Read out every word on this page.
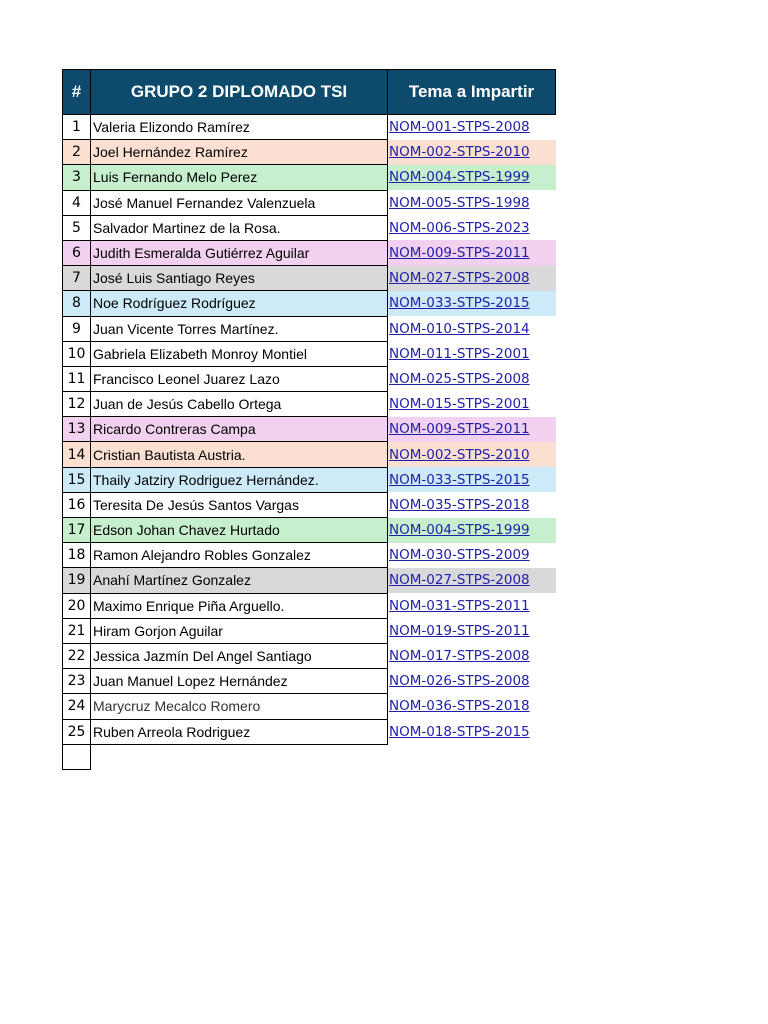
#	GRUPO 2 DIPLOMADO TSI	Tema a Impartir
1	Valeria Elizondo Ramírez	NOM-001-STPS-2008
2	Joel Hernández Ramírez	NOM-002-STPS-2010
3	Luis Fernando Melo Perez	NOM-004-STPS-1999
4	José Manuel Fernandez Valenzuela	NOM-005-STPS-1998
5	Salvador Martinez de la Rosa.	NOM-006-STPS-2023
6	Judith Esmeralda Gutiérrez Aguilar	NOM-009-STPS-2011
7	José Luis Santiago Reyes	NOM-027-STPS-2008
8	Noe Rodríguez Rodríguez	NOM-033-STPS-2015
9	Juan Vicente Torres Martínez.	NOM-010-STPS-2014
10	Gabriela Elizabeth Monroy Montiel	NOM-011-STPS-2001
11	Francisco Leonel Juarez Lazo	NOM-025-STPS-2008
12	Juan de Jesús Cabello Ortega	NOM-015-STPS-2001
13	Ricardo Contreras Campa	NOM-009-STPS-2011
14	Cristian Bautista Austria.	NOM-002-STPS-2010
15	Thaily Jatziry Rodriguez Hernández.	NOM-033-STPS-2015
16	Teresita De Jesús Santos Vargas	NOM-035-STPS-2018
17	Edson Johan Chavez Hurtado	NOM-004-STPS-1999
18	Ramon Alejandro Robles Gonzalez	NOM-030-STPS-2009
19	Anahí Martínez Gonzalez	NOM-027-STPS-2008
20	Maximo Enrique Piña Arguello.	NOM-031-STPS-2011
21	Hiram Gorjon Aguilar	NOM-019-STPS-2011
22	Jessica Jazmín Del Angel Santiago	NOM-017-STPS-2008
23	Juan Manuel Lopez Hernández	NOM-026-STPS-2008
24	Marycruz Mecalco Romero	NOM-036-STPS-2018
25	Ruben Arreola Rodriguez	NOM-018-STPS-2015
